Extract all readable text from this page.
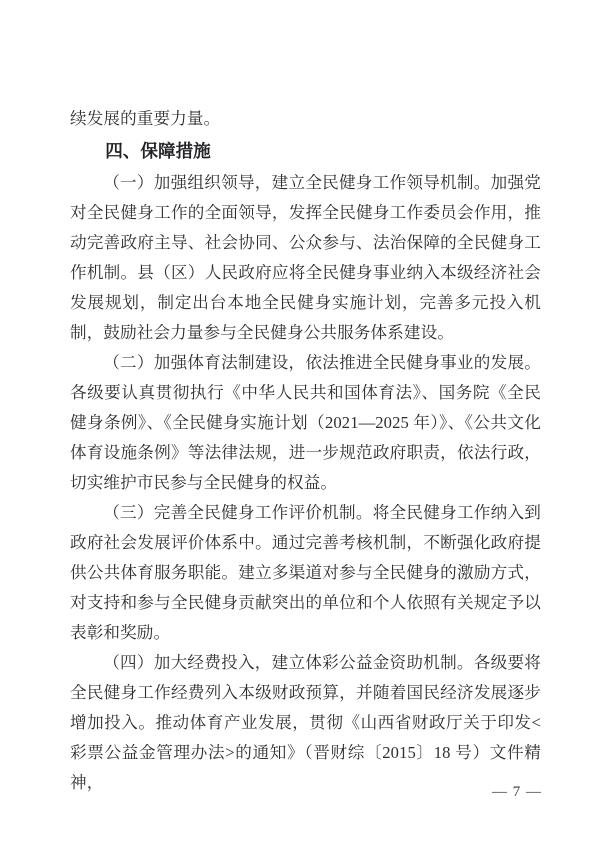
续发展的重要力量。

四、保障措施

（一）加强组织领导，建立全民健身工作领导机制。加强党对全民健身工作的全面领导，发挥全民健身工作委员会作用，推动完善政府主导、社会协同、公众参与、法治保障的全民健身工作机制。县（区）人民政府应将全民健身事业纳入本级经济社会发展规划，制定出台本地全民健身实施计划，完善多元投入机制，鼓励社会力量参与全民健身公共服务体系建设。

（二）加强体育法制建设，依法推进全民健身事业的发展。各级要认真贯彻执行《中华人民共和国体育法》、国务院《全民健身条例》、《全民健身实施计划（2021—2025 年）》、《公共文化体育设施条例》等法律法规，进一步规范政府职责，依法行政，切实维护市民参与全民健身的权益。

（三）完善全民健身工作评价机制。将全民健身工作纳入到政府社会发展评价体系中。通过完善考核机制，不断强化政府提供公共体育服务职能。建立多渠道对参与全民健身的激励方式，对支持和参与全民健身贡献突出的单位和个人依照有关规定予以表彰和奖励。

（四）加大经费投入，建立体彩公益金资助机制。各级要将全民健身工作经费列入本级财政预算，并随着国民经济发展逐步增加投入。推动体育产业发展，贯彻《山西省财政厅关于印发<彩票公益金管理办法>的通知》（晋财综〔2015〕18 号）文件精神，	— 7 —
